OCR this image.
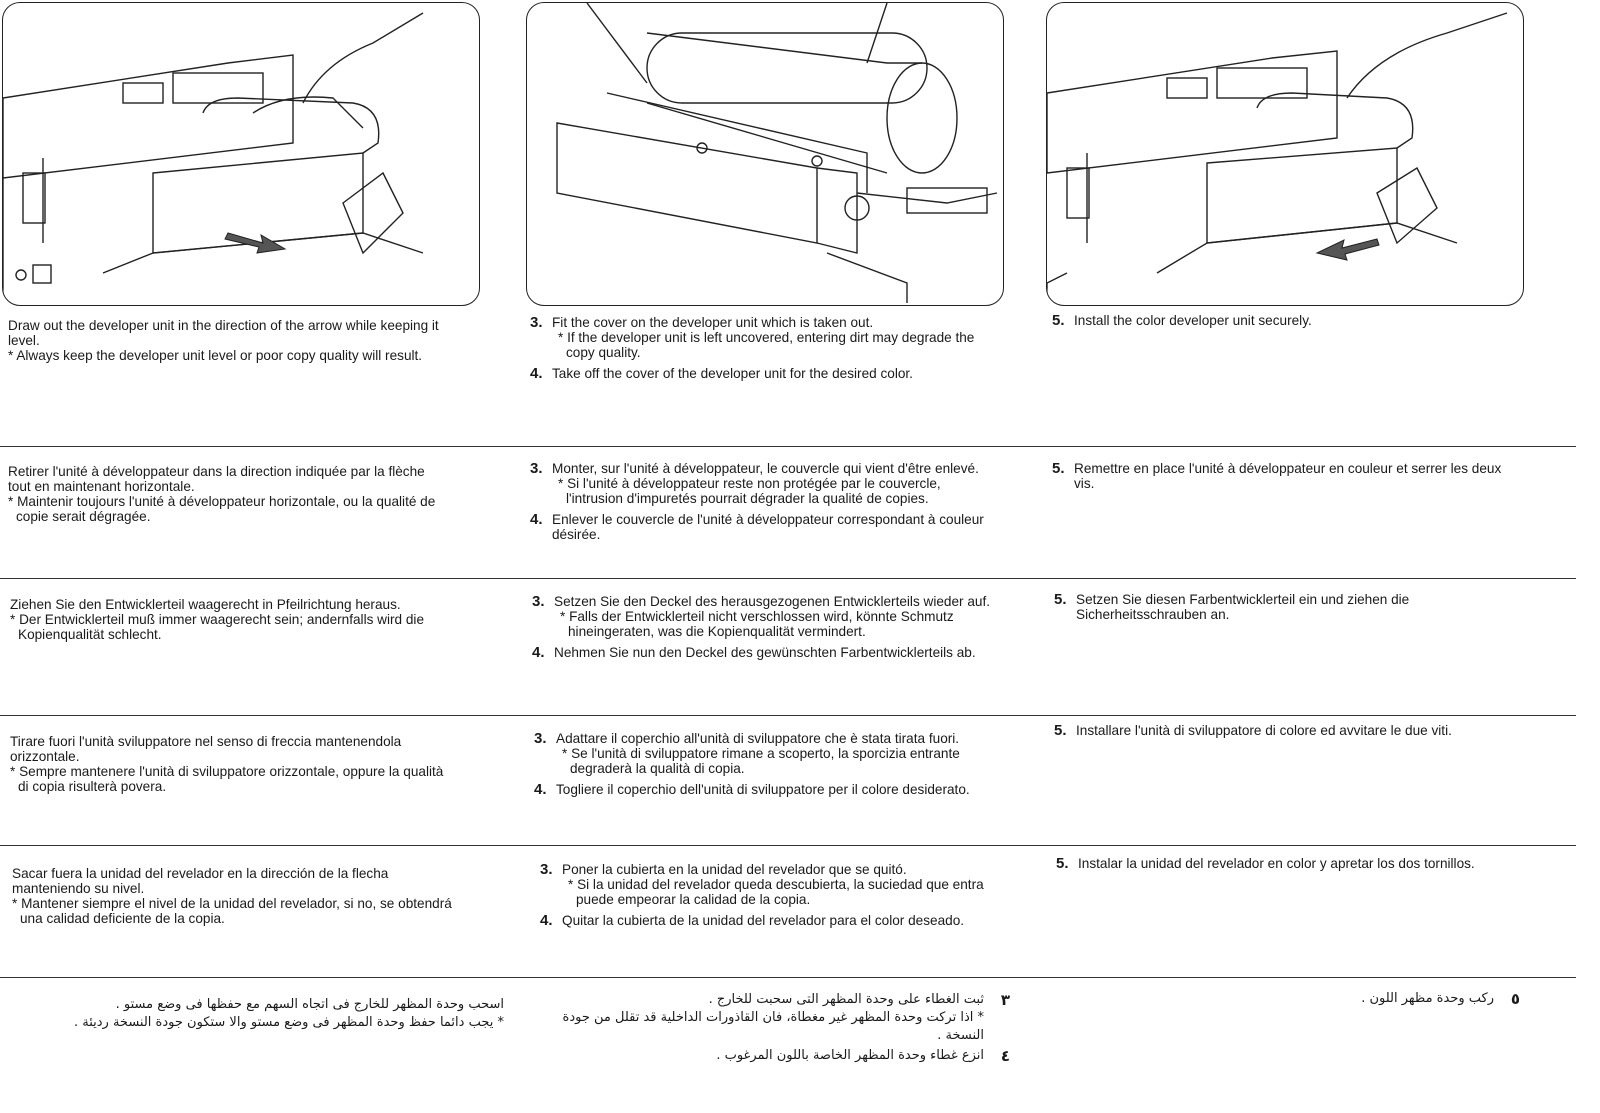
Draw out the developer unit in the direction of the arrow while keeping it level.
* Always keep the developer unit level or poor copy quality will result.
3. Fit the cover on the developer unit which is taken out.
* If the developer unit is left uncovered, entering dirt may degrade the copy quality.
4. Take off the cover of the developer unit for the desired color.
5. Install the color developer unit securely.
Retirer l'unité à développateur dans la direction indiquée par la flèche tout en maintenant horizontale.
* Maintenir toujours l'unité à développateur horizontale, ou la qualité de copie serait dégragée.
3. Monter, sur l'unité à développateur, le couvercle qui vient d'être enlevé.
* Si l'unité à développateur reste non protégée par le couvercle, l'intrusion d'impuretés pourrait dégrader la qualité de copies.
4. Enlever le couvercle de l'unité à développateur correspondant à couleur désirée.
5. Remettre en place l'unité à développateur en couleur et serrer les deux vis.
Ziehen Sie den Entwicklerteil waagerecht in Pfeilrichtung heraus.
* Der Entwicklerteil muß immer waagerecht sein; andernfalls wird die Kopienqualität schlecht.
3. Setzen Sie den Deckel des herausgezogenen Entwicklerteils wieder auf.
* Falls der Entwicklerteil nicht verschlossen wird, könnte Schmutz hineingeraten, was die Kopienqualität vermindert.
4. Nehmen Sie nun den Deckel des gewünschten Farbentwicklerteils ab.
5. Setzen Sie diesen Farbentwicklerteil ein und ziehen die Sicherheitsschrauben an.
Tirare fuori l'unità sviluppatore nel senso di freccia mantenendola orizzontale.
* Sempre mantenere l'unità di sviluppatore orizzontale, oppure la qualità di copia risulterà povera.
3. Adattare il coperchio all'unità di sviluppatore che è stata tirata fuori.
* Se l'unità di sviluppatore rimane a scoperto, la sporcizia entrante degraderà la qualità di copia.
4. Togliere il coperchio dell'unità di sviluppatore per il colore desiderato.
5. Installare l'unità di sviluppatore di colore ed avvitare le due viti.
Sacar fuera la unidad del revelador en la dirección de la flecha manteniendo su nivel.
* Mantener siempre el nivel de la unidad del revelador, si no, se obtendrá una calidad deficiente de la copia.
3. Poner la cubierta en la unidad del revelador que se quitó.
* Si la unidad del revelador queda descubierta, la suciedad que entra puede empeorar la calidad de la copia.
4. Quitar la cubierta de la unidad del revelador para el color deseado.
5. Instalar la unidad del revelador en color y apretar los dos tornillos.
اسحب وحدة المظهر للخارج فى اتجاه السهم مع حفظها فى وضع مستو .
* يجب دائما حفظ وحدة المظهر فى وضع مستو والا ستكون جودة النسخة رديئة .
٣
ثبت الغطاء على وحدة المظهر التى سحبت للخارج .
* اذا تركت وحدة المظهر غير مغطاة، فان القاذورات الداخلية قد تقلل من جودة النسخة .
٤
انزع غطاء وحدة المظهر الخاصة باللون المرغوب .
٥
ركب وحدة مظهر اللون .
